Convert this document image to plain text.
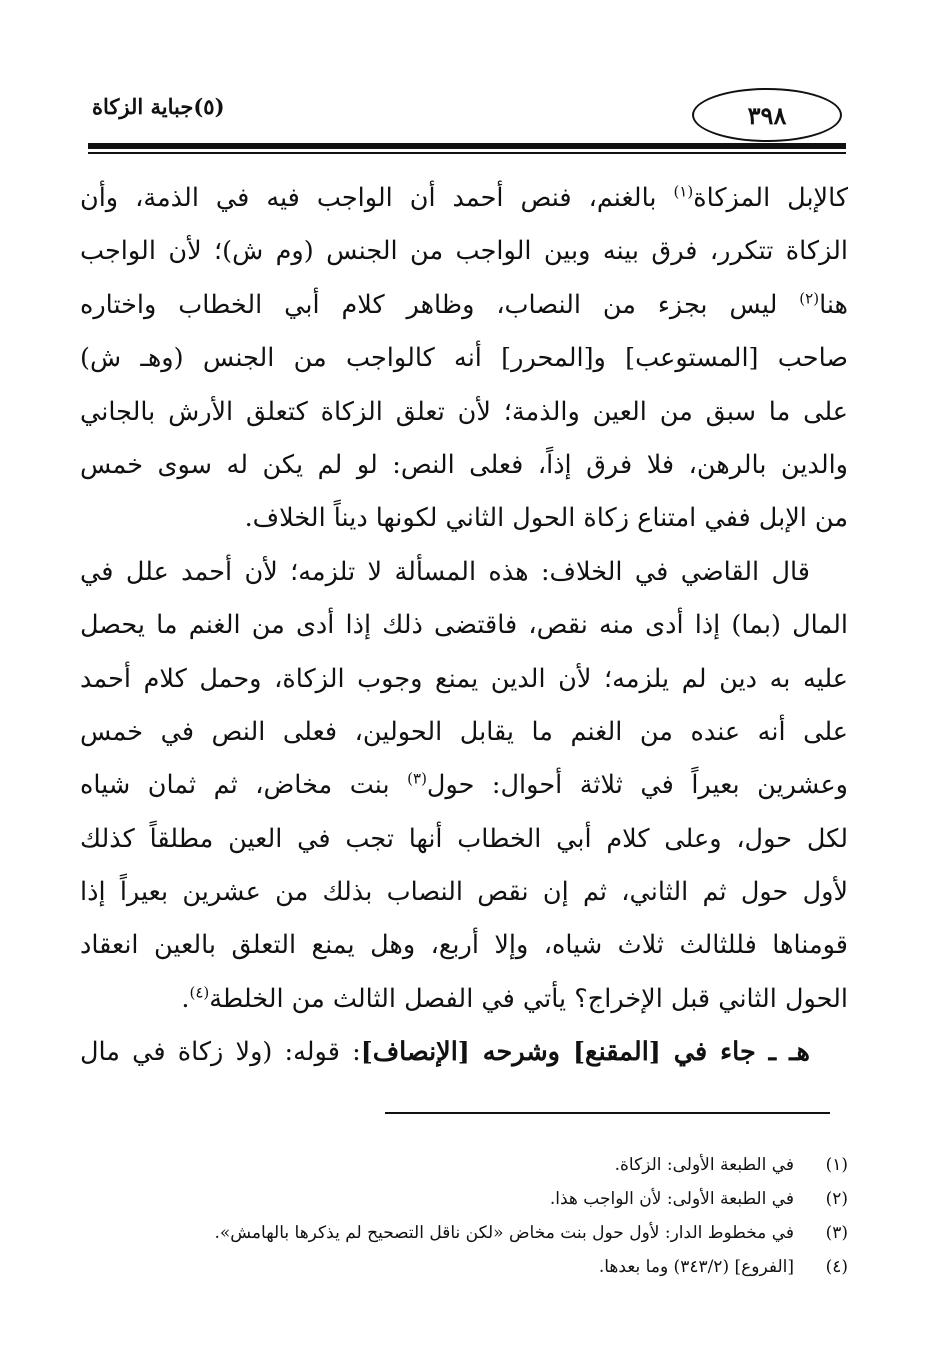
(٥)جباية الزكاة	٣٩٨
كالإبل المزكاة$^{(١)}$ بالغنم، فنص أحمد أن الواجب فيه في الذمة، وأن
الزكاة تتكرر، فرق بينه وبين الواجب من الجنس (وم ش)؛ لأن الواجب
هنا$^{(٢)}$ ليس بجزء من النصاب، وظاهر كلام أبي الخطاب واختاره
صاحب [المستوعب] و[المحرر] أنه كالواجب من الجنس (وهـ ش)
على ما سبق من العين والذمة؛ لأن تعلق الزكاة كتعلق الأرش بالجاني
والدين بالرهن، فلا فرق إذاً، فعلى النص: لو لم يكن له سوى خمس
من الإبل ففي امتناع زكاة الحول الثاني لكونها ديناً الخلاف.
قال القاضي في الخلاف: هذه المسألة لا تلزمه؛ لأن أحمد علل في
المال (بما) إذا أدى منه نقص، فاقتضى ذلك إذا أدى من الغنم ما يحصل
عليه به دين لم يلزمه؛ لأن الدين يمنع وجوب الزكاة، وحمل كلام أحمد
على أنه عنده من الغنم ما يقابل الحولين، فعلى النص في خمس
وعشرين بعيراً في ثلاثة أحوال: حول$^{(٣)}$ بنت مخاض، ثم ثمان شياه
لكل حول، وعلى كلام أبي الخطاب أنها تجب في العين مطلقاً كذلك
لأول حول ثم الثاني، ثم إن نقص النصاب بذلك من عشرين بعيراً إذا
قومناها فللثالث ثلاث شياه، وإلا أربع، وهل يمنع التعلق بالعين انعقاد
الحول الثاني قبل الإخراج؟ يأتي في الفصل الثالث من الخلطة$^{(٤)}$.
هـ ـ جاء في [المقنع] وشرحه [الإنصاف]: قوله: (ولا زكاة في مال
(١)في الطبعة الأولى: الزكاة.
(٢)في الطبعة الأولى: لأن الواجب هذا.
(٣)في مخطوط الدار: لأول حول بنت مخاض «لكن ناقل التصحيح لم يذكرها بالهامش».
(٤)[الفروع] (٣٤٣/٢) وما بعدها.
